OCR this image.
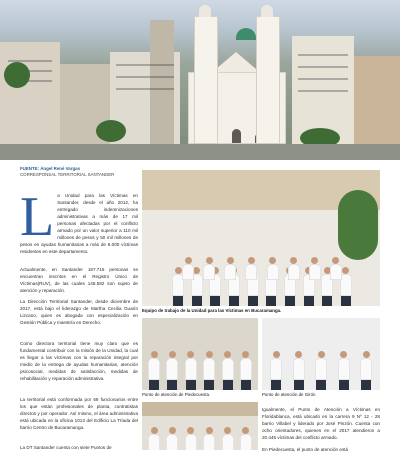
FUENTE: Ángel René Vargas
CORRESPONSAL TERRITORIAL SANTANDER

L a Unidad para las Víctimas en Santander, desde el año 2012, ha entregado indemnizaciones administrativas a más de 17 mil personas afectadas por el conflicto armado por un valor superior a 110 mil millones de pesos y 50 mil millones de pesos en ayudas humanitarias a más de 8.000 víctimas residentes en este departamento.

Actualmente, en Santander 187.715 personas se encuentran inscritos en el Registro Único de Víctimas(RUV), de las cuales 148.582 son sujeto de atención y reparación.

La Dirección Territorial Santander, desde diciembre de 2017, está bajo el liderazgo de Martha Cecilia Guarín Lizcano, quien es abogada con especialización en Gestión Pública y maestría en Derecho.

Como directora territorial tiene muy claro que es fundamental contribuir con la misión de la Unidad, la cual es llegar a las víctimas con la reparación integral por medio de la entrega de ayudas humanitarias, atención psicosocial, medidas de satisfacción, medidas de rehabilitación y reparación administrativa.

La territorial está conformada por 68 funcionarios entre los que están profesionales de planta, contratistas directos y por operador. Así mismo, el área administrativa está ubicada en la oficina 1013 del Edificio La Tríada del barrio Centro de Bucaramanga.

La DT Santander cuenta con siete Puntos de

Equipo de trabajo de la Unidad para las Víctimas en Bucaramanga.

Punto de atención de Piedecuesta.	Punto de atención de Girón

Igualmente, el Punto de Atención a Víctimas en Floridablanca, está ubicado en la carrera 9 Nº 12 - 28 barrio Villabel y liderado por José Pinzón. Cuenta con ocho orientadores, quienes en el 2017 atendieron a 20.445 víctimas del conflicto armado.

En Piedecuesta, el punto de atención está
